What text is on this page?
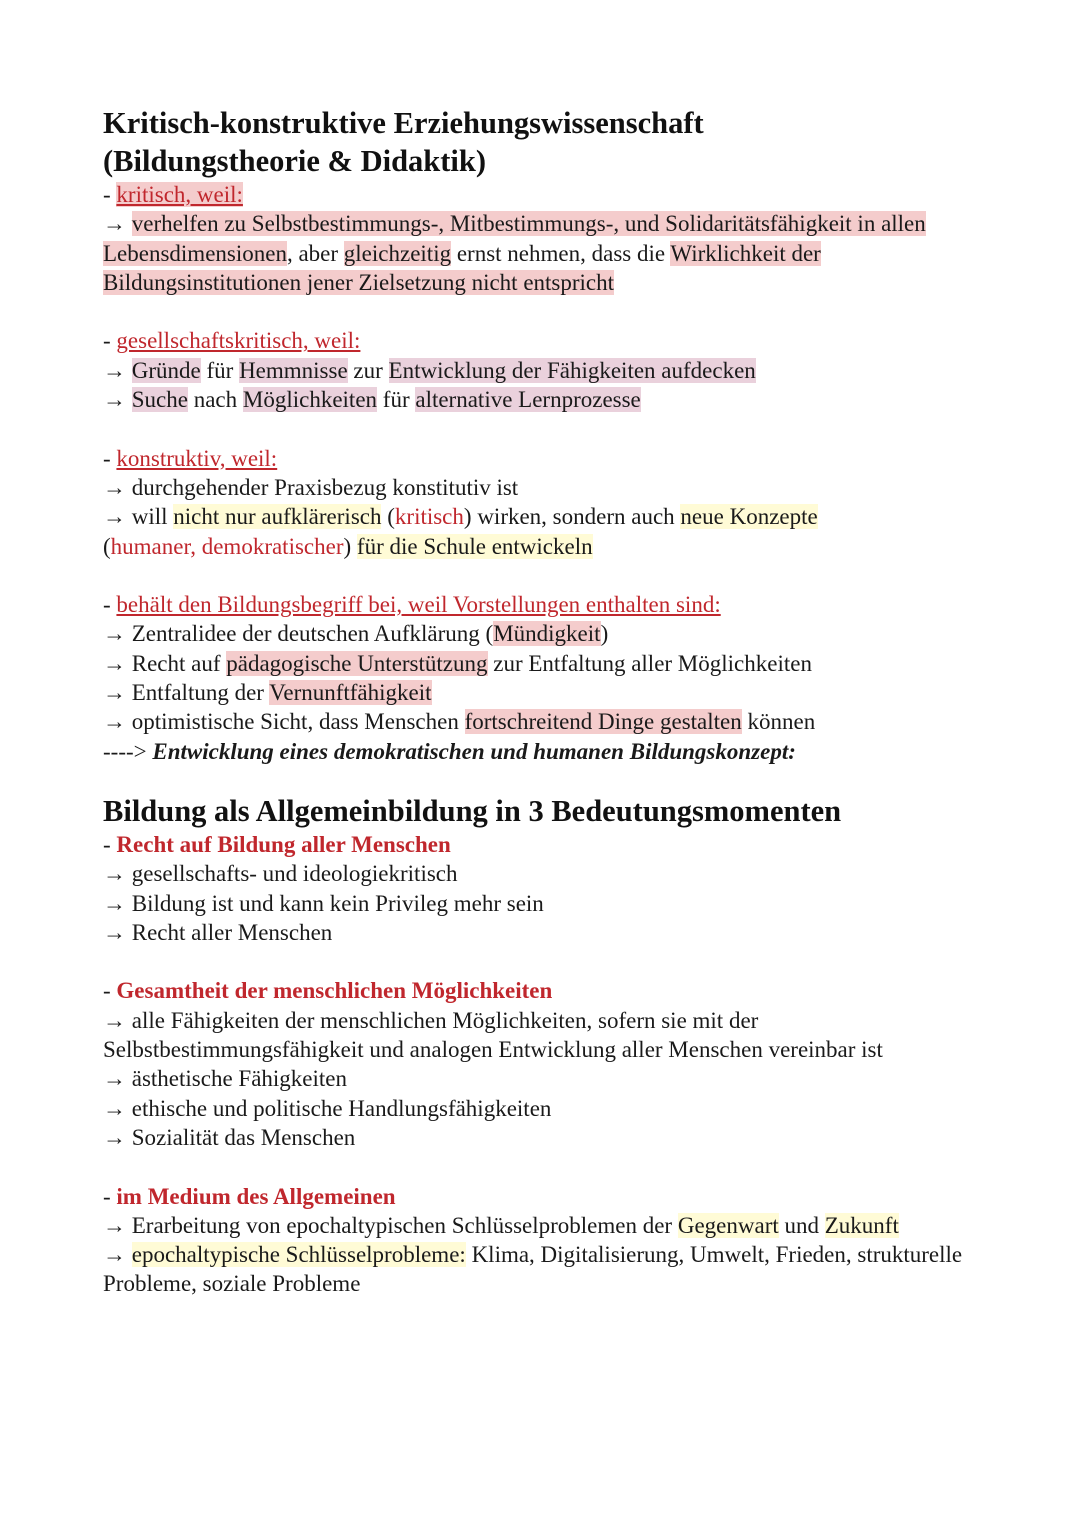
Kritisch-konstruktive Erziehungswissenschaft
(Bildungstheorie & Didaktik)

- kritisch, weil:

→ verhelfen zu Selbstbestimmungs-, Mitbestimmungs-, und Solidaritätsfähigkeit in allen Lebensdimensionen, aber gleichzeitig ernst nehmen, dass die Wirklichkeit der Bildungsinstitutionen jener Zielsetzung nicht entspricht

- gesellschaftskritisch, weil:

→ Gründe für Hemmnisse zur Entwicklung der Fähigkeiten aufdecken

→ Suche nach Möglichkeiten für alternative Lernprozesse

- konstruktiv, weil:

→ durchgehender Praxisbezug konstitutiv ist

→ will nicht nur aufklärerisch (kritisch) wirken, sondern auch neue Konzepte

(humaner, demokratischer) für die Schule entwickeln

- behält den Bildungsbegriff bei, weil Vorstellungen enthalten sind:

→ Zentralidee der deutschen Aufklärung (Mündigkeit)

→ Recht auf pädagogische Unterstützung zur Entfaltung aller Möglichkeiten

→ Entfaltung der Vernunftfähigkeit

→ optimistische Sicht, dass Menschen fortschreitend Dinge gestalten können

----> Entwicklung eines demokratischen und humanen Bildungskonzept:

Bildung als Allgemeinbildung in 3 Bedeutungsmomenten

- Recht auf Bildung aller Menschen

→ gesellschafts- und ideologiekritisch

→ Bildung ist und kann kein Privileg mehr sein

→ Recht aller Menschen

- Gesamtheit der menschlichen Möglichkeiten

→ alle Fähigkeiten der menschlichen Möglichkeiten, sofern sie mit der Selbstbestimmungsfähigkeit und analogen Entwicklung aller Menschen vereinbar ist

→ ästhetische Fähigkeiten

→ ethische und politische Handlungsfähigkeiten

→ Sozialität das Menschen

- im Medium des Allgemeinen

→ Erarbeitung von epochaltypischen Schlüsselproblemen der Gegenwart und Zukunft

→ epochaltypische Schlüsselprobleme: Klima, Digitalisierung, Umwelt, Frieden, strukturelle Probleme, soziale Probleme
